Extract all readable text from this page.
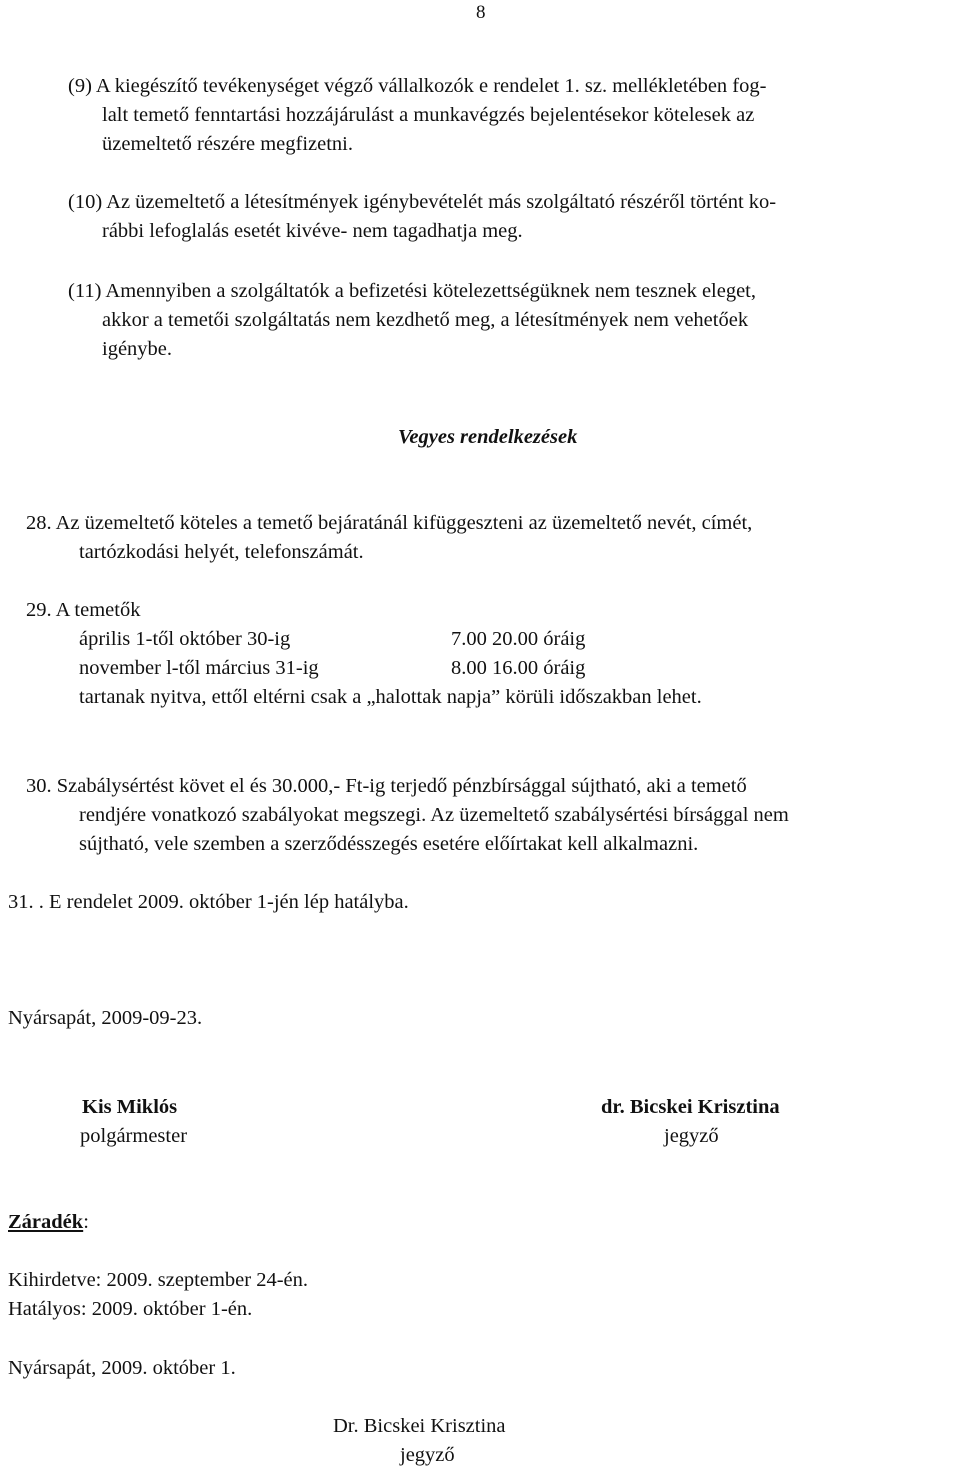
8
(9) A kiegészítő tevékenységet végző vállalkozók e rendelet 1. sz. mellékletében fog-
lalt temető fenntartási hozzájárulást a munkavégzés bejelentésekor kötelesek az
üzemeltető részére megfizetni.
(10) Az üzemeltető a létesítmények igénybevételét más szolgáltató részéről történt ko-
rábbi lefoglalás esetét kivéve- nem tagadhatja meg.
(11) Amennyiben a szolgáltatók a befizetési kötelezettségüknek nem tesznek eleget,
akkor a temetői szolgáltatás nem kezdhető meg, a létesítmények nem vehetőek
igénybe.
Vegyes rendelkezések
28. Az üzemeltető köteles a temető bejáratánál kifüggeszteni az üzemeltető nevét, címét,
tartózkodási helyét, telefonszámát.
29. A temetők
április 1-től október 30-ig	7.00 20.00 óráig
november l-től március 31-ig	8.00 16.00 óráig
tartanak nyitva, ettől eltérni csak a „halottak napja” körüli időszakban lehet.
30. Szabálysértést követ el és 30.000,- Ft-ig terjedő pénzbírsággal sújtható, aki a temető
rendjére vonatkozó szabályokat megszegi. Az üzemeltető szabálysértési bírsággal nem
sújtható, vele szemben a szerződésszegés esetére előírtakat kell alkalmazni.
31. . E rendelet 2009. október 1-jén lép hatályba.
Nyársapát, 2009-09-23.
Kis Miklós
polgármester
dr. Bicskei Krisztina
jegyző
Záradék:
Kihirdetve: 2009. szeptember 24-én.
Hatályos: 2009. október 1-én.
Nyársapát, 2009. október 1.
Dr. Bicskei Krisztina
jegyző
